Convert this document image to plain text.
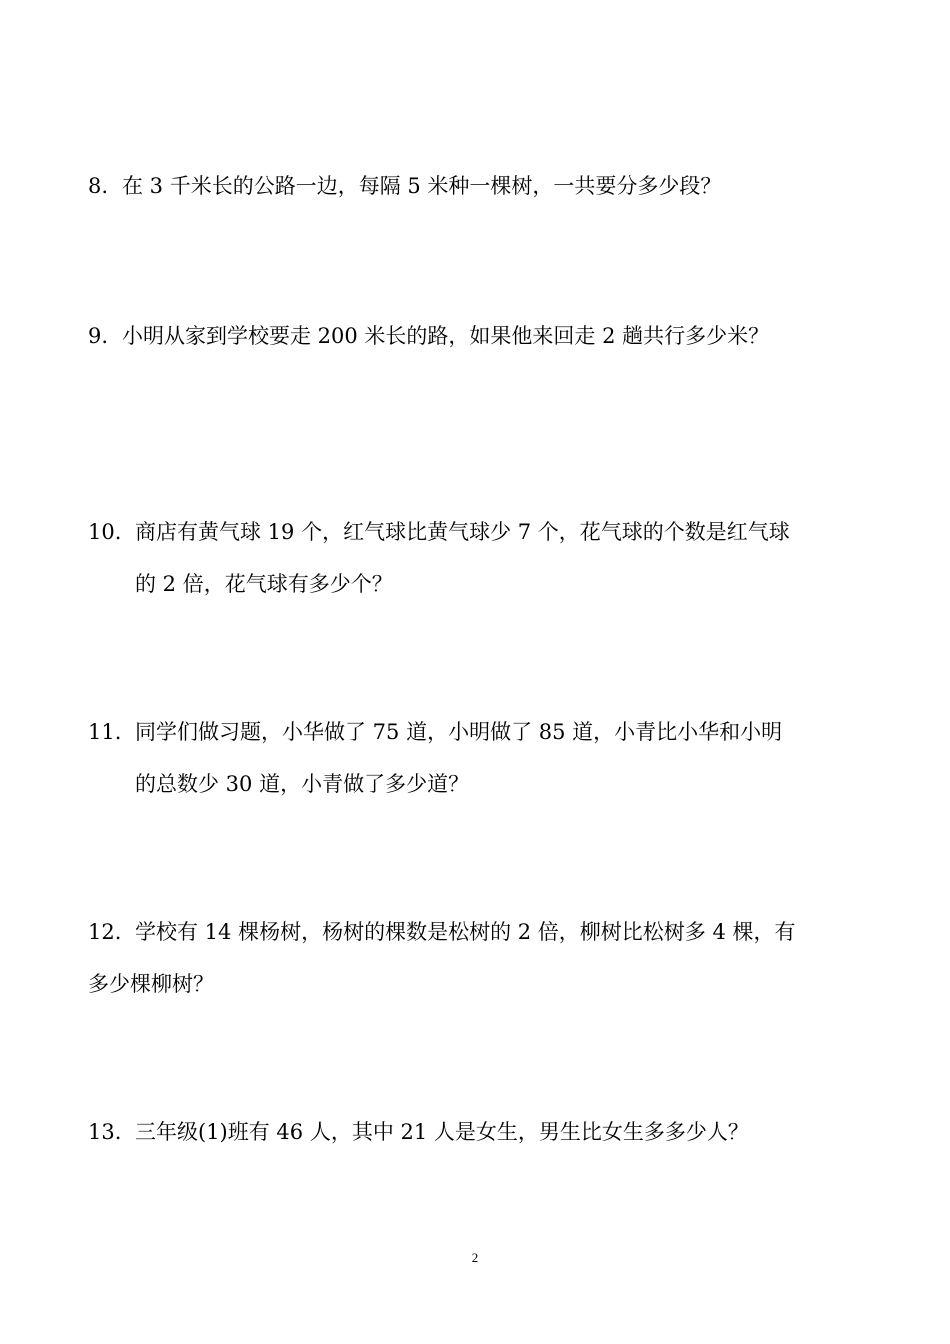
8. 在 3 千米长的公路一边，每隔 5 米种一棵树，一共要分多少段？
9. 小明从家到学校要走 200 米长的路，如果他来回走 2 趟共行多少米？
10. 商店有黄气球 19 个，红气球比黄气球少 7 个，花气球的个数是红气球
的 2 倍，花气球有多少个？
11. 同学们做习题，小华做了 75 道，小明做了 85 道，小青比小华和小明
的总数少 30 道，小青做了多少道？
12. 学校有 14 棵杨树，杨树的棵数是松树的 2 倍，柳树比松树多 4 棵，有
多少棵柳树？
13. 三年级(1)班有 46 人，其中 21 人是女生，男生比女生多多少人？
2
